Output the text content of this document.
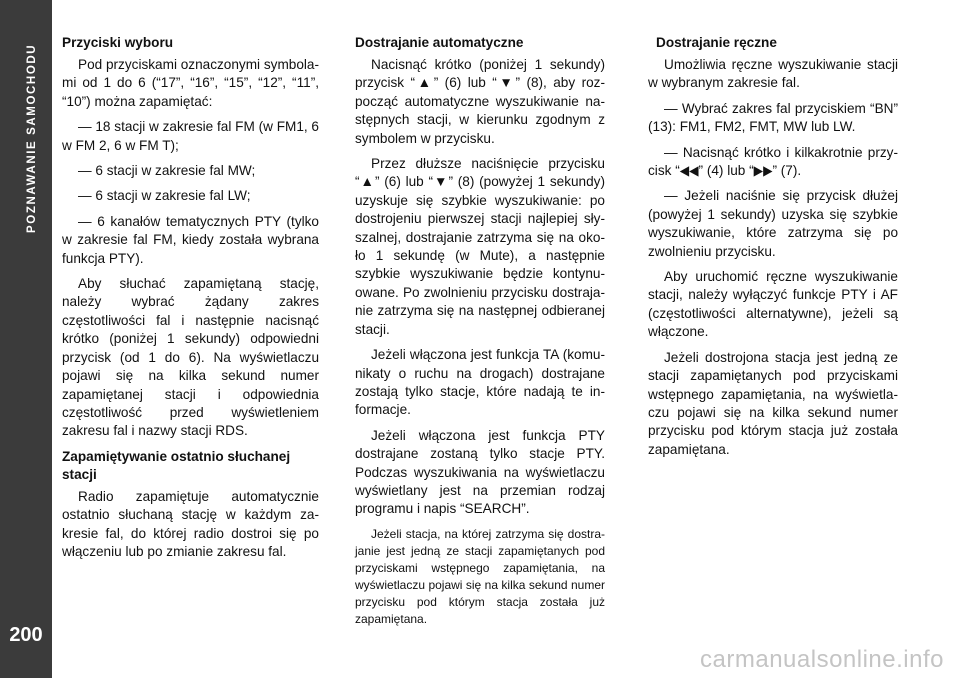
POZNAWANIE SAMOCHODU
200
Przyciski wyboru

Pod przyciskami oznaczonymi symbolami od 1 do 6 (“17”, “16”, “15”, “12”, “11”, “10”) można zapamiętać:

— 18 stacji w zakresie fal FM (w FM1, 6 w FM 2, 6 w FM T);

— 6 stacji w zakresie fal MW;

— 6 stacji w zakresie fal LW;

— 6 kanałów tematycznych PTY (tylko w zakresie fal FM, kiedy została wybrana funkcja PTY).

Aby słuchać zapamiętaną stację, należy wybrać żądany zakres częstotliwości fal i następnie nacisnąć krótko (poniżej 1 sekundy) odpowiedni przycisk (od 1 do 6). Na wyświetlaczu pojawi się na kilka sekund numer zapamiętanej stacji i odpowiednia częstotliwość przed wyświetleniem zakresu fal i nazwy stacji RDS.

Zapamiętywanie ostatnio słuchanej stacji

Radio zapamiętuje automatycznie ostatnio słuchaną stację w każdym zakresie fal, do której radio dostroi się po włączeniu lub po zmianie zakresu fal.

Dostrajanie automatyczne

Nacisnąć krótko (poniżej 1 sekundy) przycisk “▲” (6) lub “▼” (8), aby rozpocząć automatyczne wyszukiwanie następnych stacji, w kierunku zgodnym z symbolem w przycisku.

Przez dłuższe naciśnięcie przycisku “▲” (6) lub “▼” (8) (powyżej 1 sekundy) uzyskuje się szybkie wyszukiwanie: po dostrojeniu pierwszej stacji najlepiej słyszalnej, dostrajanie zatrzyma się na około 1 sekundę (w Mute), a następnie szybkie wyszukiwanie będzie kontynuowane. Po zwolnieniu przycisku dostrajanie zatrzyma się na następnej odbieranej stacji.

Jeżeli włączona jest funkcja TA (komunikaty o ruchu na drogach) dostrajane zostają tylko stacje, które nadają te informacje.

Jeżeli włączona jest funkcja PTY dostrajane zostaną tylko stacje PTY. Podczas wyszukiwania na wyświetlaczu wyświetlany jest na przemian rodzaj programu i napis “SEARCH”.

Jeżeli stacja, na której zatrzyma się dostrajanie jest jedną ze stacji zapamiętanych pod przyciskami wstępnego zapamiętania, na wyświetlaczu pojawi się na kilka sekund numer przycisku pod którym stacja została już zapamiętana.

Dostrajanie ręczne

Umożliwia ręczne wyszukiwanie stacji w wybranym zakresie fal.

— Wybrać zakres fal przyciskiem “BN” (13): FM1, FM2, FMT, MW lub LW.

— Nacisnąć krótko i kilkakrotnie przycisk “◀◀” (4) lub “▶▶” (7).

— Jeżeli naciśnie się przycisk dłużej (powyżej 1 sekundy) uzyska się szybkie wyszukiwanie, które zatrzyma się po zwolnieniu przycisku.

Aby uruchomić ręczne wyszukiwanie stacji, należy wyłączyć funkcje PTY i AF (częstotliwości alternatywne), jeżeli są włączone.

Jeżeli dostrojona stacja jest jedną ze stacji zapamiętanych pod przyciskami wstępnego zapamiętania, na wyświetlaczu pojawi się na kilka sekund numer przycisku pod którym stacja już została zapamiętana.

carmanualsonline.info
